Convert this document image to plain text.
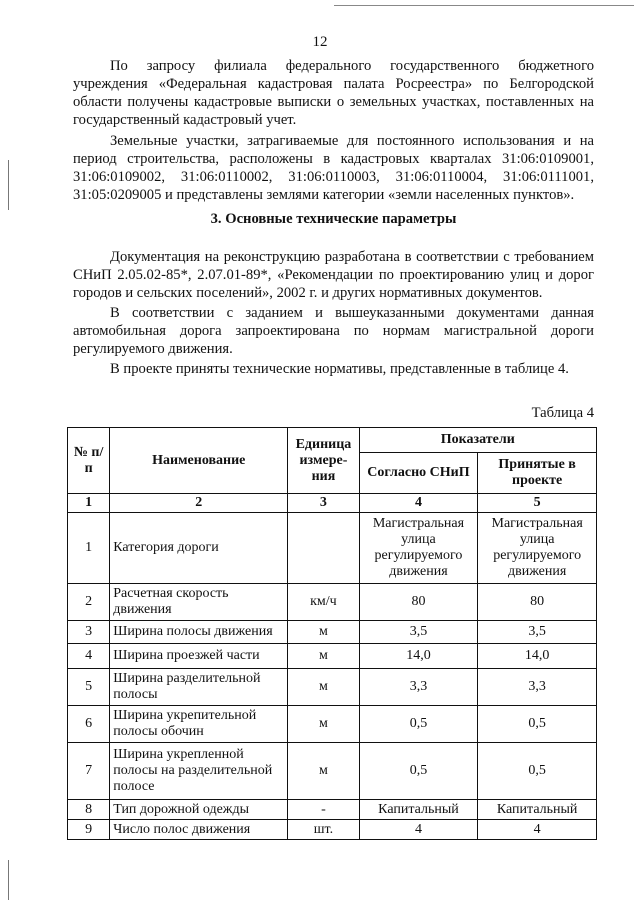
12

По запросу филиала федерального государственного бюджетного учреждения «Федеральная кадастровая палата Росреестра» по Белгородской области получены кадастровые выписки о земельных участках, поставленных на государственный кадастровый учет.

Земельные участки, затрагиваемые для постоянного использования и на период строительства, расположены в кадастровых кварталах 31:06:0109001, 31:06:0109002, 31:06:0110002, 31:06:0110003, 31:06:0110004, 31:06:0111001, 31:05:0209005 и представлены землями категории «земли населенных пунктов».

3. Основные технические параметры

Документация на реконструкцию разработана в соответствии с требованием СНиП 2.05.02-85*, 2.07.01-89*, «Рекомендации по проектированию улиц и дорог городов и сельских поселений», 2002 г. и других нормативных документов.

В соответствии с заданием и вышеуказанными документами данная автомобильная дорога запроектирована по нормам магистральной дороги регулируемого движения.

В проекте приняты технические нормативы, представленные в таблице 4.

Таблица 4
№ п/п	Наименование	Единица измере-ния	Показатели	
			Согласно СНиП	Принятые в проекте
1	2	3	4	5
1	Категория дороги		Магистральная улица регулируемого движения	Магистральная улица регулируемого движения
2	Расчетная скорость движения	км/ч	80	80
3	Ширина полосы движения	м	3,5	3,5
4	Ширина проезжей части	м	14,0	14,0
5	Ширина разделительной полосы	м	3,3	3,3
6	Ширина укрепительной полосы обочин	м	0,5	0,5
7	Ширина укрепленной полосы на разделительной полосе	м	0,5	0,5
8	Тип дорожной одежды	-	Капитальный	Капитальный
9	Число полос движения	шт.	4	4
